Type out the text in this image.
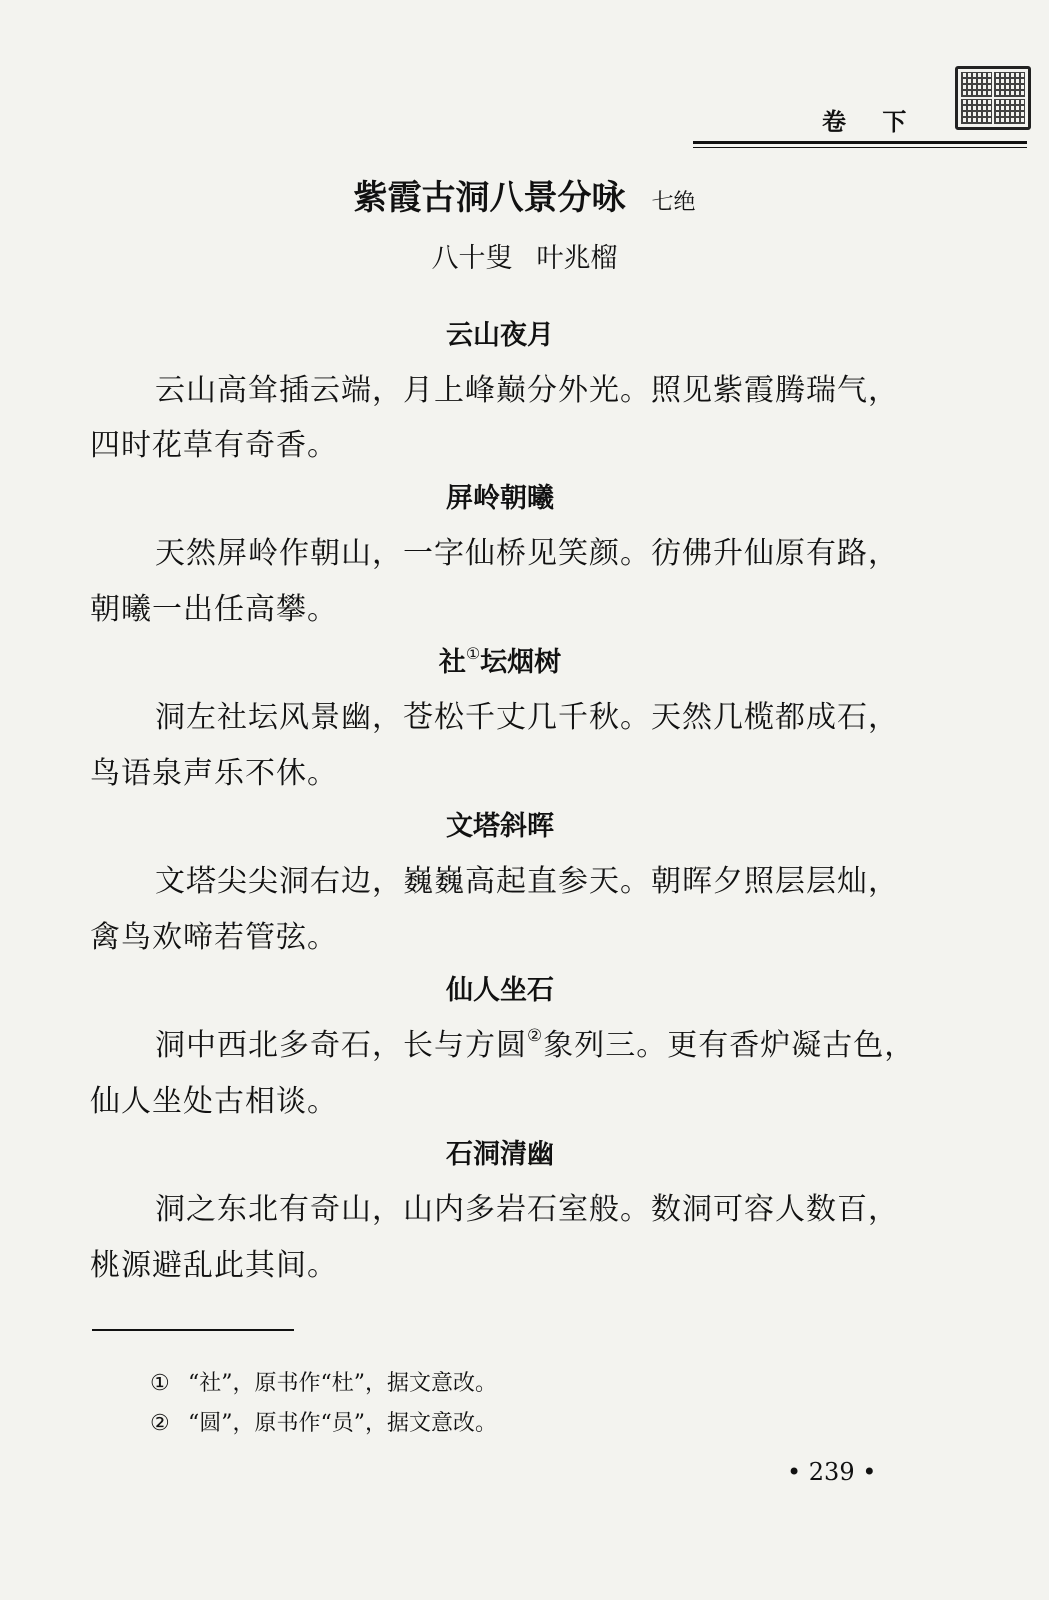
卷 下
紫霞古洞八景分咏 七绝
八十叟 叶兆榴
云山夜月
云山高耸插云端，月上峰巅分外光。照见紫霞腾瑞气，
四时花草有奇香。
屏岭朝曦
天然屏岭作朝山，一字仙桥见笑颜。彷佛升仙原有路，
朝曦一出任高攀。
社①坛烟树
洞左社坛风景幽，苍松千丈几千秋。天然几榄都成石，
鸟语泉声乐不休。
文塔斜晖
文塔尖尖洞右边，巍巍高起直参天。朝晖夕照层层灿，
禽鸟欢啼若管弦。
仙人坐石
洞中西北多奇石，长与方圆②象列三。更有香炉凝古色，
仙人坐处古相谈。
石洞清幽
洞之东北有奇山，山内多岩石室般。数洞可容人数百，
桃源避乱此其间。
① “社”，原书作“杜”，据文意改。
② “圆”，原书作“员”，据文意改。
• 239 •
